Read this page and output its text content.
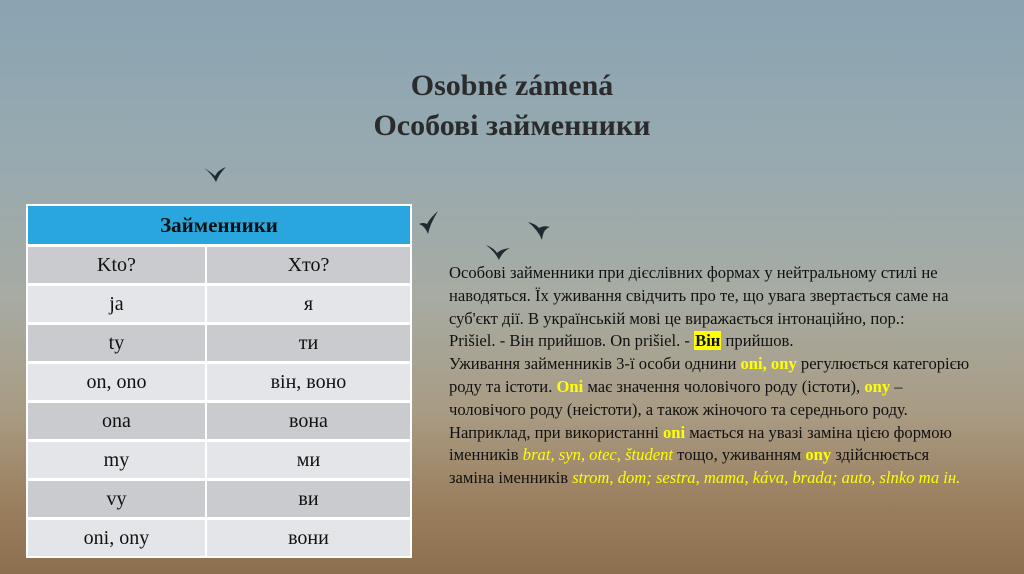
Osobné zámená
Особові займенники
Займенники	
Kto?	Хто?
ja	я
ty	ти
on, ono	він, воно
ona	вона
my	ми
vy	ви
oni, ony	вони
Особові займенники при дієслівних формах у нейтральному стилі не наводяться. Їх уживання свідчить про те, що увага звертається саме на суб'єкт дії. В українській мові це виражається інтонаційно, пор.:
Prišiel. - Він прийшов. On prišiel. - Він прийшов.
Уживання займенників 3-ї особи однини oni, ony регулюється категорією роду та істоти. Oni має значення чоловічого роду (істоти), ony – чоловічого роду (неістоти), а також жіночого та середнього роду. Наприклад, при використанні oni мається на увазі заміна цією формою іменників brat, syn, otec, študent тощо, уживанням ony здійснюється заміна іменників strom, dom; sestra, mama, káva, brada; auto, slnko та ін.
